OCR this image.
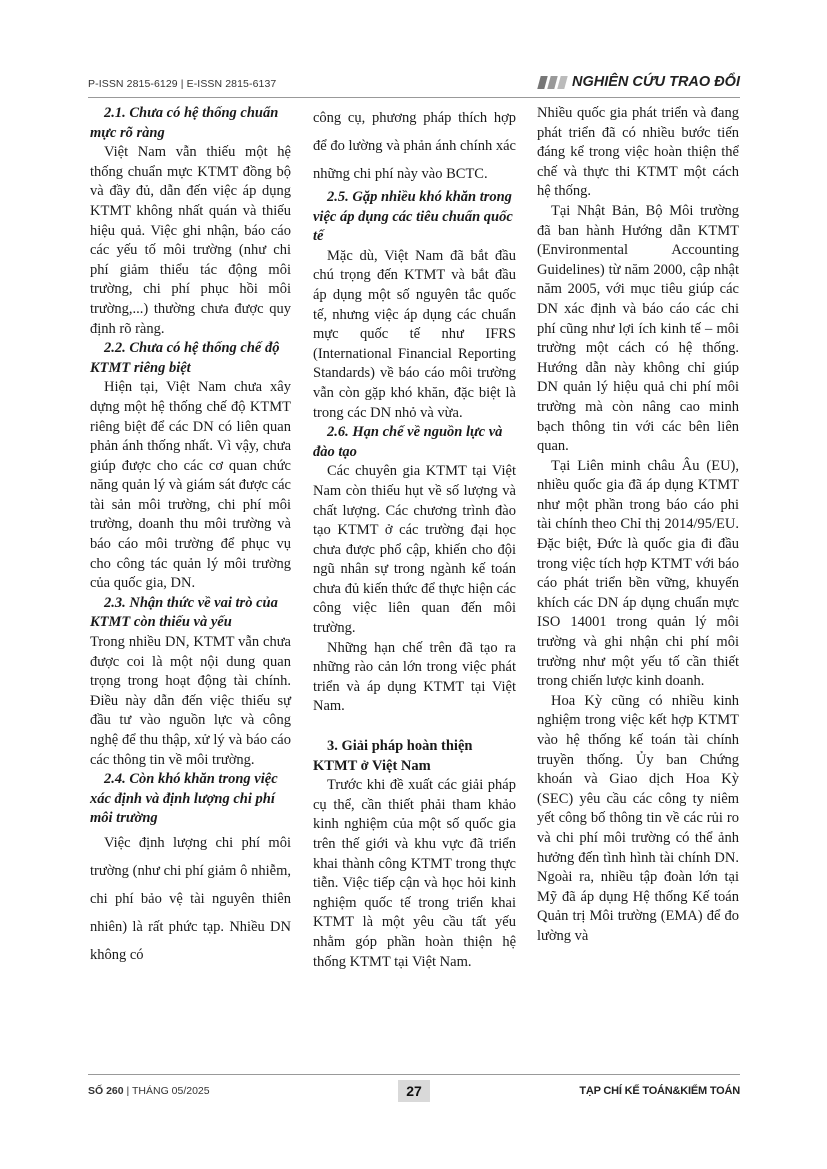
P-ISSN 2815-6129 | E-ISSN 2815-6137	NGHIÊN CỨU TRAO ĐỔI
2.1. Chưa có hệ thống chuẩn mực rõ ràng

Việt Nam vẫn thiếu một hệ thống chuẩn mực KTMT đồng bộ và đầy đủ, dẫn đến việc áp dụng KTMT không nhất quán và thiếu hiệu quả. Việc ghi nhận, báo cáo các yếu tố môi trường (như chi phí giảm thiểu tác động môi trường, chi phí phục hồi môi trường,...) thường chưa được quy định rõ ràng.

2.2. Chưa có hệ thống chế độ KTMT riêng biệt

Hiện tại, Việt Nam chưa xây dựng một hệ thống chế độ KTMT riêng biệt để các DN có liên quan phản ánh thống nhất. Vì vậy, chưa giúp được cho các cơ quan chức năng quản lý và giám sát được các tài sản môi trường, chi phí môi trường, doanh thu môi trường và báo cáo môi trường để phục vụ cho công tác quản lý môi trường của quốc gia, DN.

2.3. Nhận thức về vai trò của KTMT còn thiếu và yếu

Trong nhiều DN, KTMT vẫn chưa được coi là một nội dung quan trọng trong hoạt động tài chính. Điều này dẫn đến việc thiếu sự đầu tư vào nguồn lực và công nghệ để thu thập, xử lý và báo cáo các thông tin về môi trường.

2.4. Còn khó khăn trong việc xác định và định lượng chi phí môi trường

Việc định lượng chi phí môi trường (như chi phí giảm ô nhiễm, chi phí bảo vệ tài nguyên thiên nhiên) là rất phức tạp. Nhiều DN không có

công cụ, phương pháp thích hợp để đo lường và phản ánh chính xác những chi phí này vào BCTC.

2.5. Gặp nhiều khó khăn trong việc áp dụng các tiêu chuẩn quốc tế

Mặc dù, Việt Nam đã bắt đầu chú trọng đến KTMT và bắt đầu áp dụng một số nguyên tắc quốc tế, nhưng việc áp dụng các chuẩn mực quốc tế như IFRS (International Financial Reporting Standards) về báo cáo môi trường vẫn còn gặp khó khăn, đặc biệt là trong các DN nhỏ và vừa.

2.6. Hạn chế về nguồn lực và đào tạo

Các chuyên gia KTMT tại Việt Nam còn thiếu hụt về số lượng và chất lượng. Các chương trình đào tạo KTMT ở các trường đại học chưa được phổ cập, khiến cho đội ngũ nhân sự trong ngành kế toán chưa đủ kiến thức để thực hiện các công việc liên quan đến môi trường.

Những hạn chế trên đã tạo ra những rào cản lớn trong việc phát triển và áp dụng KTMT tại Việt Nam.

3. Giải pháp hoàn thiện KTMT ở Việt Nam

Trước khi đề xuất các giải pháp cụ thể, cần thiết phải tham khảo kinh nghiệm của một số quốc gia trên thế giới và khu vực đã triển khai thành công KTMT trong thực tiễn. Việc tiếp cận và học hỏi kinh nghiệm quốc tế trong triển khai KTMT là một yêu cầu tất yếu nhằm góp phần hoàn thiện hệ thống KTMT tại Việt Nam.

Nhiều quốc gia phát triển và đang phát triển đã có nhiều bước tiến đáng kể trong việc hoàn thiện thể chế và thực thi KTMT một cách hệ thống.

Tại Nhật Bản, Bộ Môi trường đã ban hành Hướng dẫn KTMT (Environmental Accounting Guidelines) từ năm 2000, cập nhật năm 2005, với mục tiêu giúp các DN xác định và báo cáo các chi phí cũng như lợi ích kinh tế – môi trường một cách có hệ thống. Hướng dẫn này không chỉ giúp DN quản lý hiệu quả chi phí môi trường mà còn nâng cao minh bạch thông tin với các bên liên quan.

Tại Liên minh châu Âu (EU), nhiều quốc gia đã áp dụng KTMT như một phần trong báo cáo phi tài chính theo Chỉ thị 2014/95/EU. Đặc biệt, Đức là quốc gia đi đầu trong việc tích hợp KTMT với báo cáo phát triển bền vững, khuyến khích các DN áp dụng chuẩn mực ISO 14001 trong quản lý môi trường và ghi nhận chi phí môi trường như một yếu tố cần thiết trong chiến lược kinh doanh.

Hoa Kỳ cũng có nhiều kinh nghiệm trong việc kết hợp KTMT vào hệ thống kế toán tài chính truyền thống. Ủy ban Chứng khoán và Giao dịch Hoa Kỳ (SEC) yêu cầu các công ty niêm yết công bố thông tin về các rủi ro và chi phí môi trường có thể ảnh hưởng đến tình hình tài chính DN. Ngoài ra, nhiều tập đoàn lớn tại Mỹ đã áp dụng Hệ thống Kế toán Quản trị Môi trường (EMA) để đo lường và

SỐ 260 | THÁNG 05/2025	27	TẠP CHÍ KẾ TOÁN&KIỂM TOÁN
